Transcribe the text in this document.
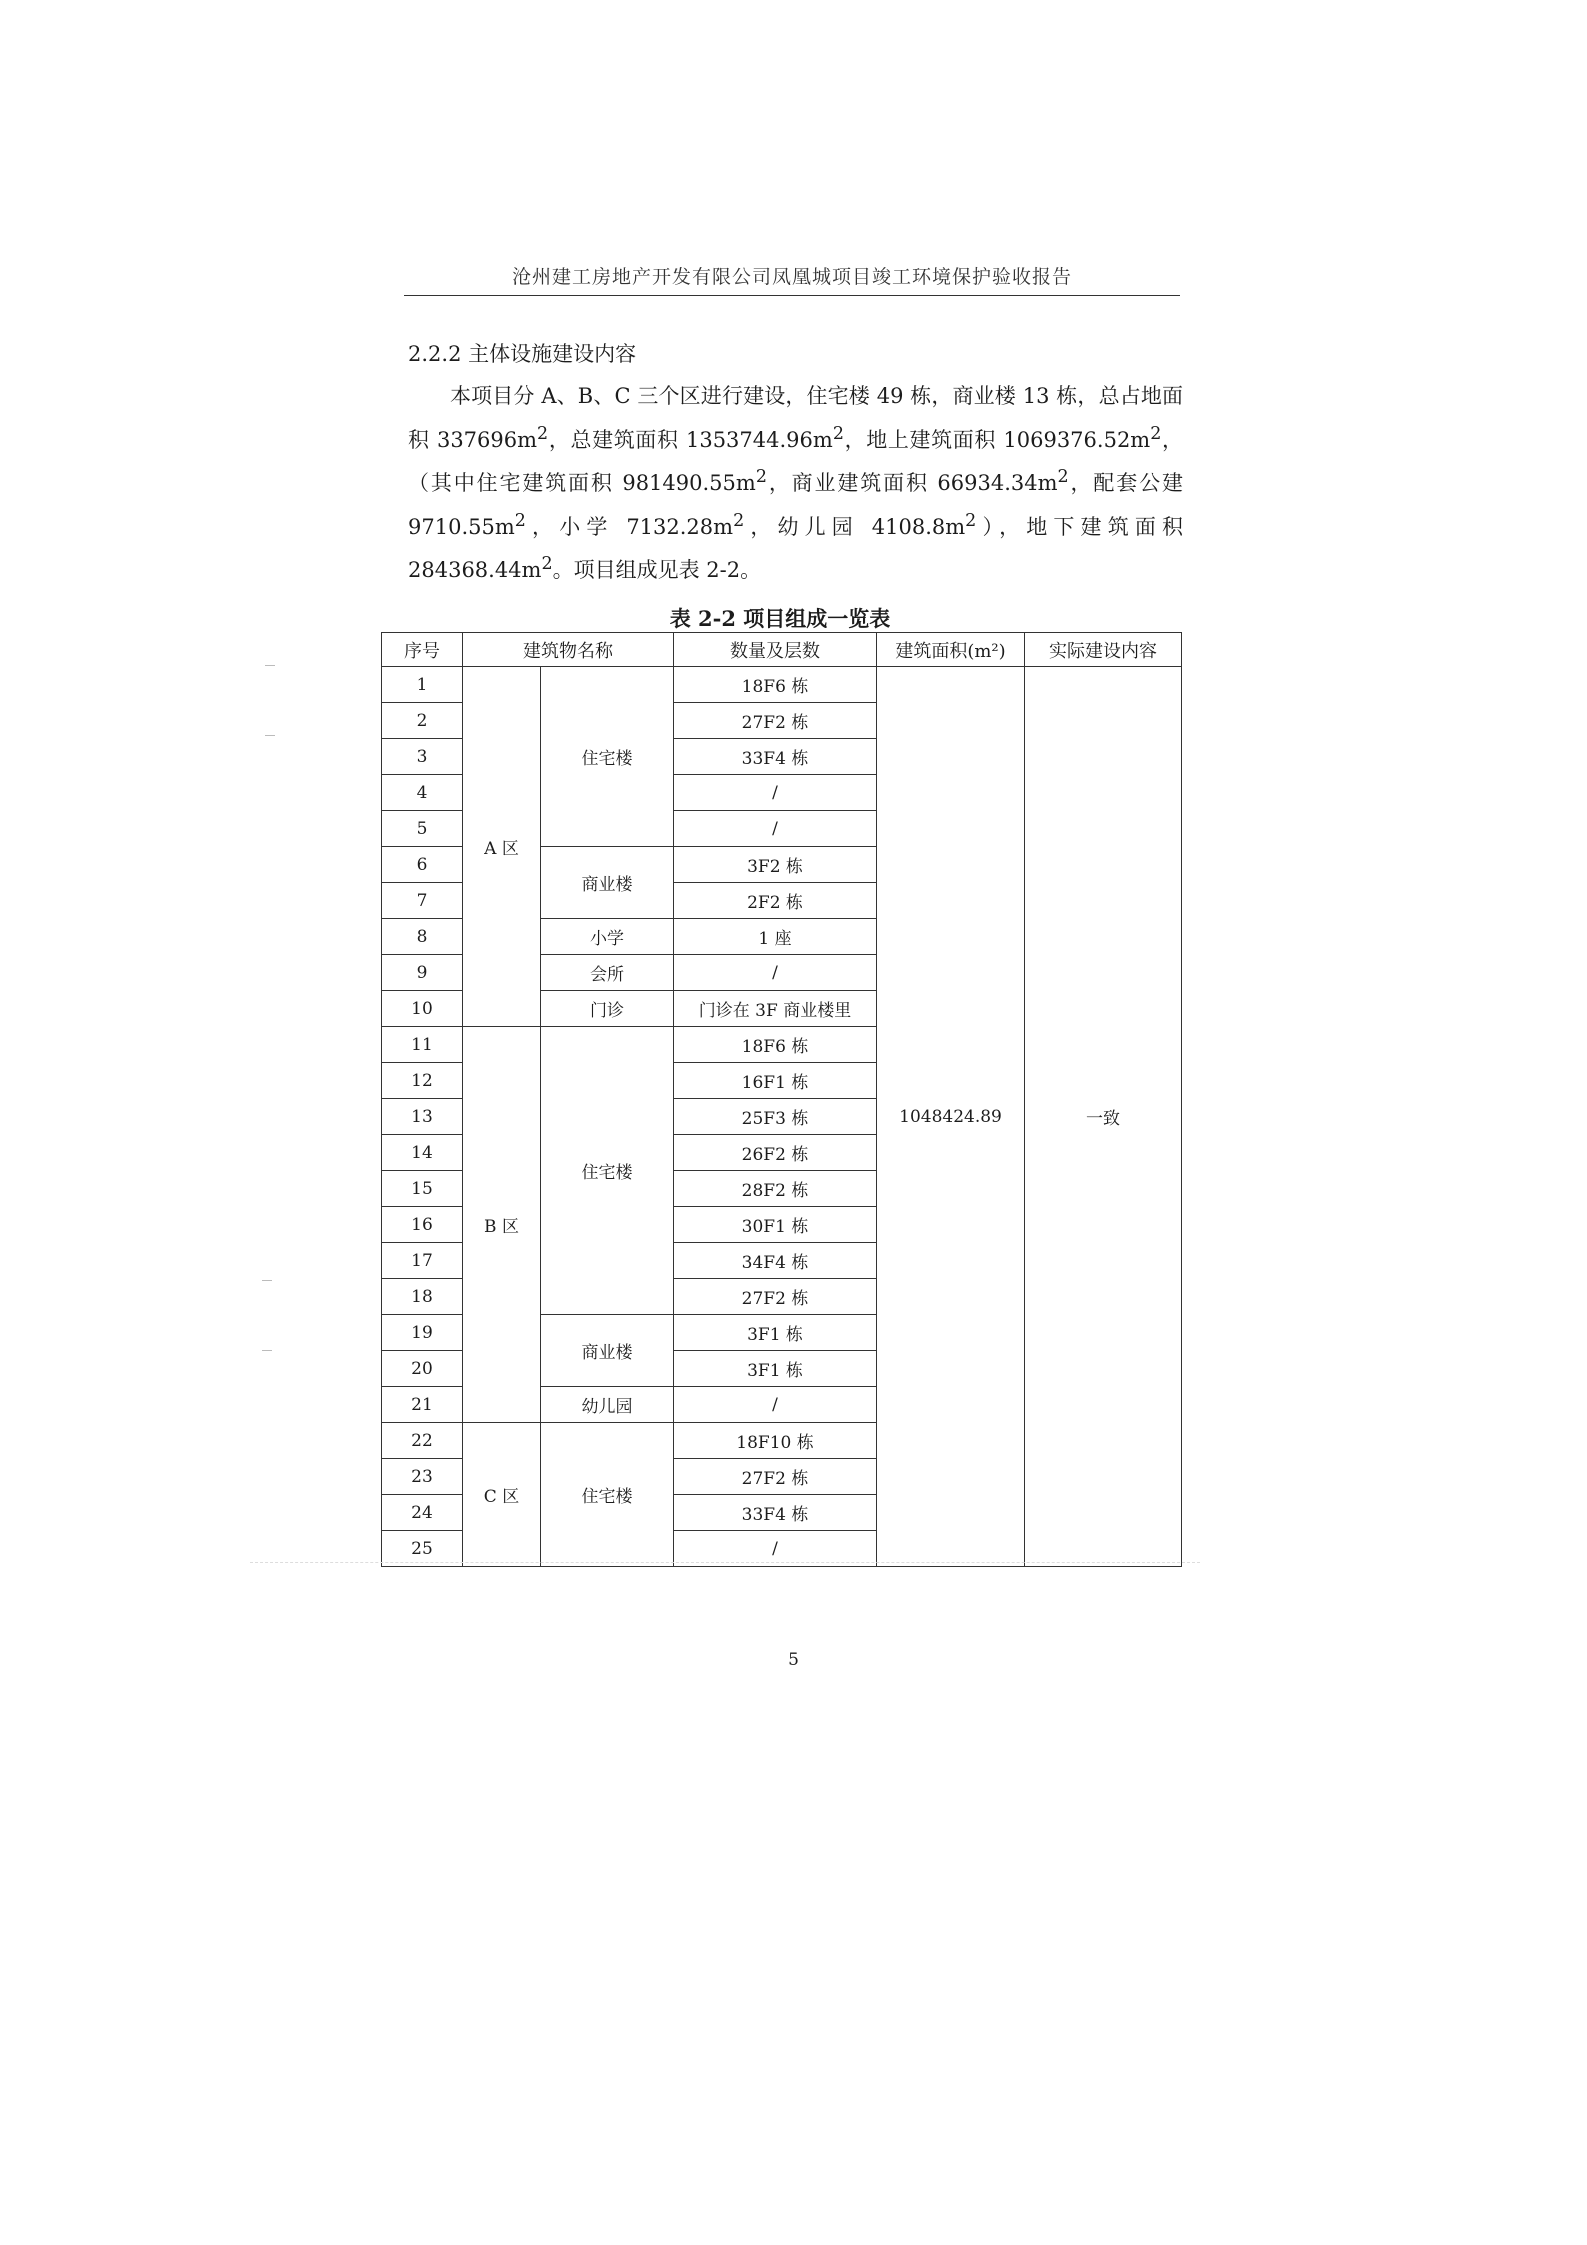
沧州建工房地产开发有限公司凤凰城项目竣工环境保护验收报告
2.2.2 主体设施建设内容
本项目分 A、B、C 三个区进行建设，住宅楼 49 栋，商业楼 13 栋，总占地面积 $337696m^2$，总建筑面积 $1353744.96m^2$，地上建筑面积 $1069376.52m^2$，（其中住宅建筑面积 $981490.55m^2$，商业建筑面积 $66934.34m^2$，配套公建 $9710.55m^2$，小学 $7132.28m^2$，幼儿园 $4108.8m^2$），地下建筑面积 $284368.44m^2$。项目组成见表 2-2。
表 2-2 项目组成一览表
序号	建筑物名称		数量及层数	建筑面积(m²)	实际建设内容
1	A 区	住宅楼	18F6 栋	1048424.89	一致
2			27F2 栋		
3			33F4 栋		
4			/		
5			/		
6		商业楼	3F2 栋		
7			2F2 栋		
8		小学	1 座		
9		会所	/		
10		门诊	门诊在 3F 商业楼里		
11	B 区	住宅楼	18F6 栋		
12			16F1 栋		
13			25F3 栋		
14			26F2 栋		
15			28F2 栋		
16			30F1 栋		
17			34F4 栋		
18			27F2 栋		
19		商业楼	3F1 栋		
20			3F1 栋		
21		幼儿园	/		
22	C 区	住宅楼	18F10 栋		
23			27F2 栋		
24			33F4 栋		
25			/		
5
